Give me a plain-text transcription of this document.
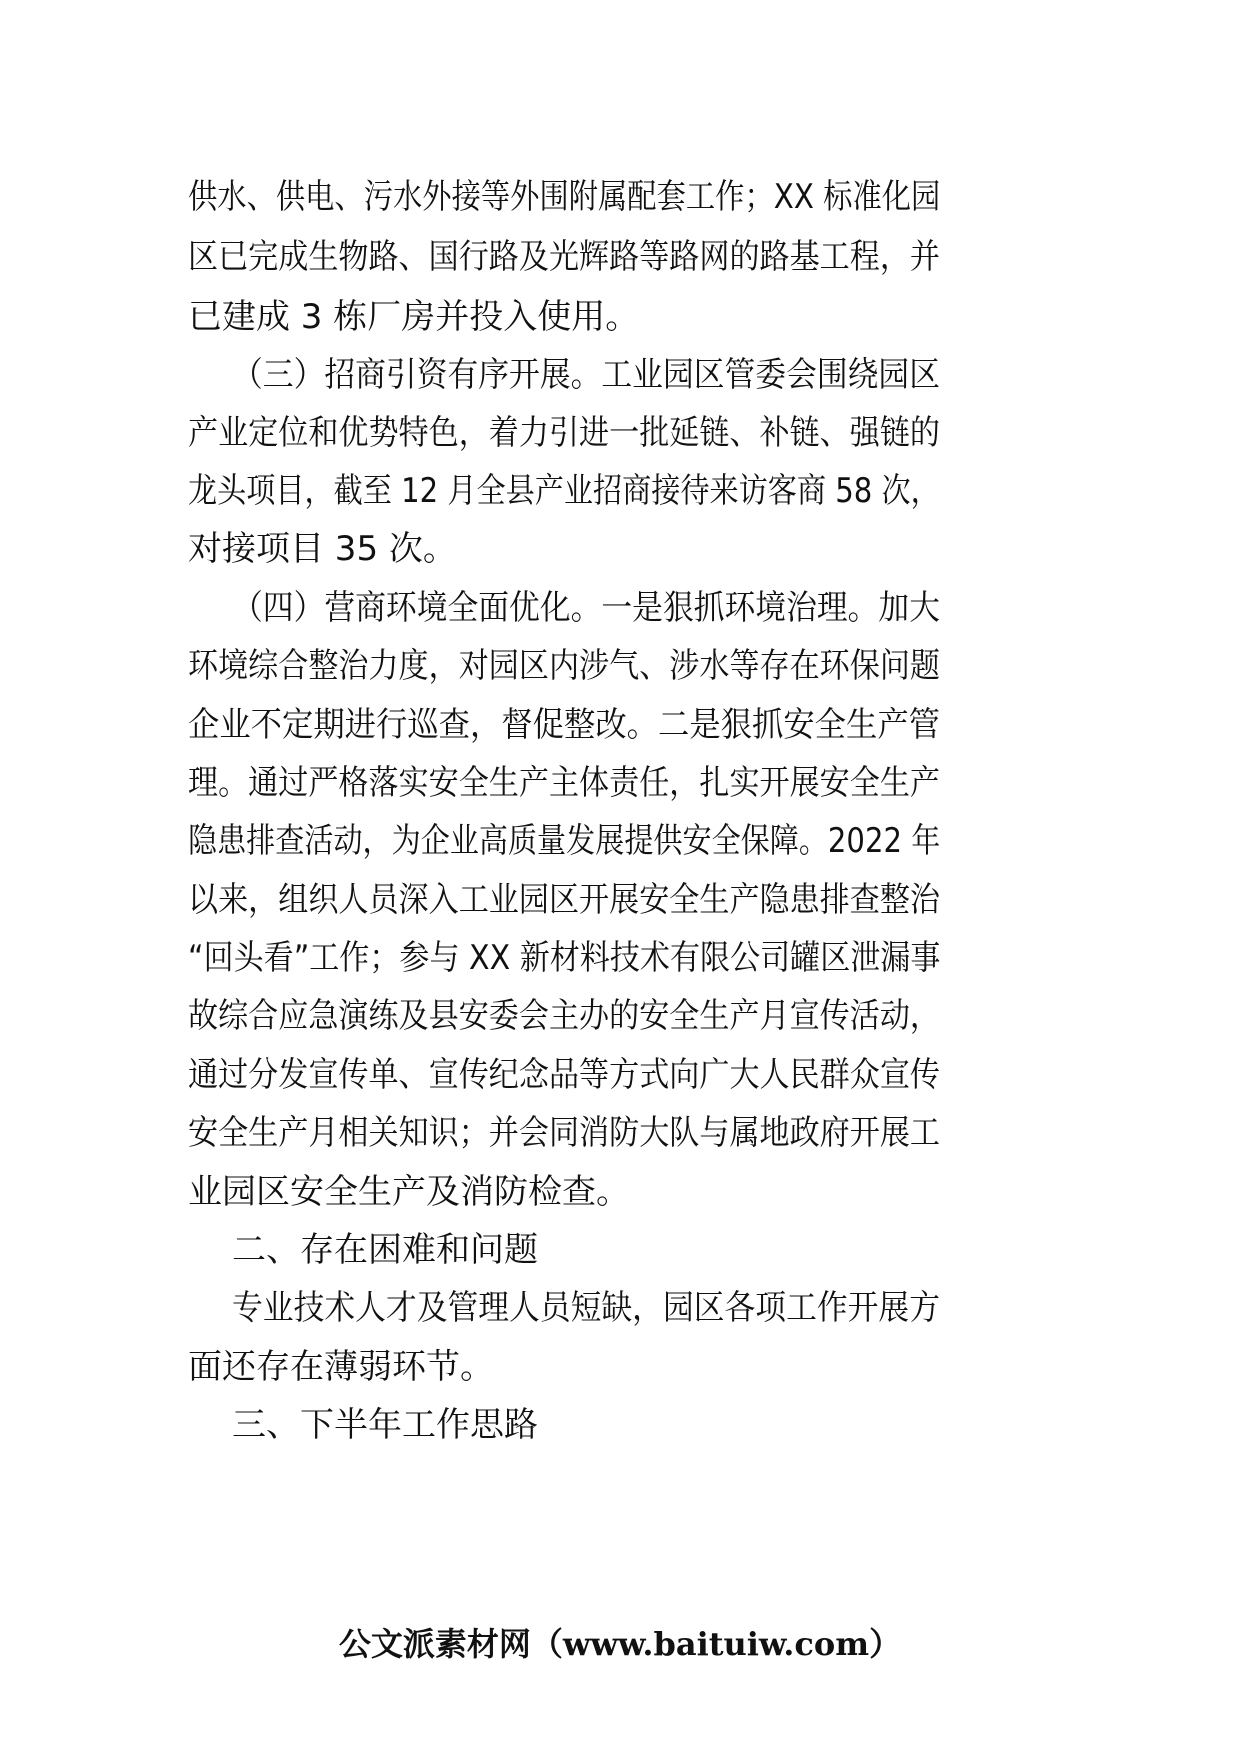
供水、供电、污水外接等外围附属配套工作；XX 标准化园
区已完成生物路、国行路及光辉路等路网的路基工程，并
已建成 3 栋厂房并投入使用。
（三）招商引资有序开展。工业园区管委会围绕园区
产业定位和优势特色，着力引进一批延链、补链、强链的
龙头项目，截至 12 月全县产业招商接待来访客商 58 次，
对接项目 35 次。
（四）营商环境全面优化。一是狠抓环境治理。加大
环境综合整治力度，对园区内涉气、涉水等存在环保问题
企业不定期进行巡查，督促整改。二是狠抓安全生产管
理。通过严格落实安全生产主体责任，扎实开展安全生产
隐患排查活动，为企业高质量发展提供安全保障。2022 年
以来，组织人员深入工业园区开展安全生产隐患排查整治
“回头看”工作；参与 XX 新材料技术有限公司罐区泄漏事
故综合应急演练及县安委会主办的安全生产月宣传活动，
通过分发宣传单、宣传纪念品等方式向广大人民群众宣传
安全生产月相关知识；并会同消防大队与属地政府开展工
业园区安全生产及消防检查。
二、存在困难和问题
专业技术人才及管理人员短缺，园区各项工作开展方
面还存在薄弱环节。
三、下半年工作思路
公文派素材网（www.baituiw.com）
